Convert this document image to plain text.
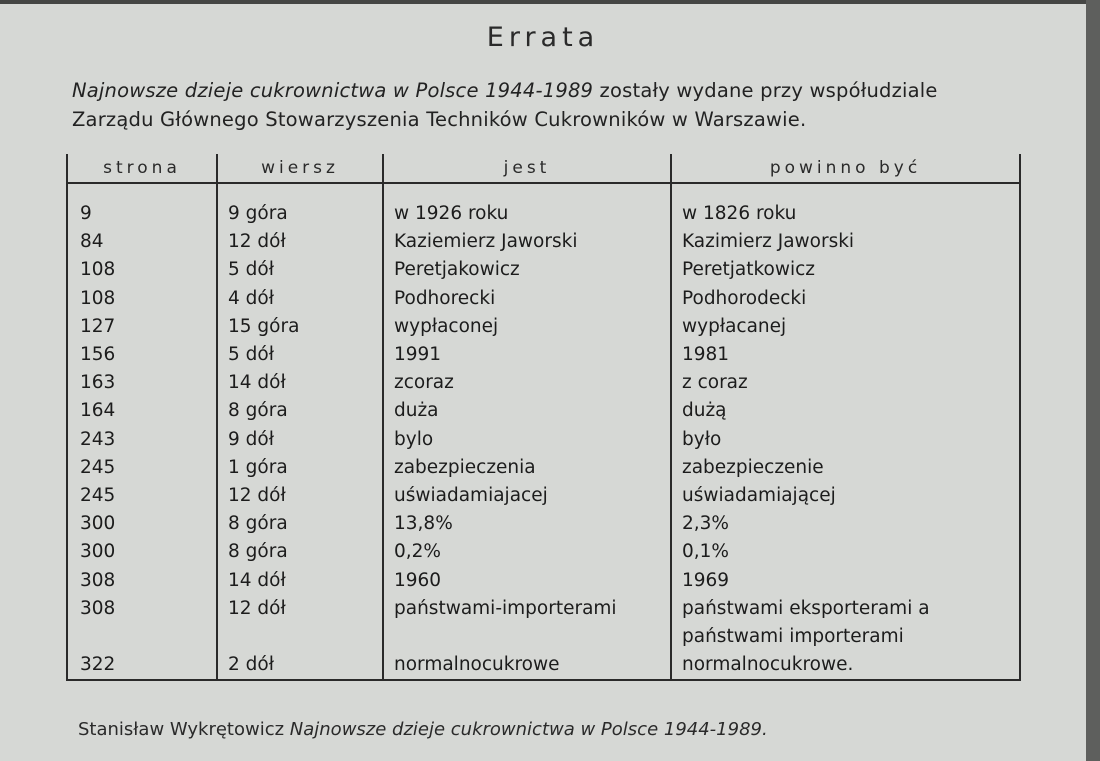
Errata
Najnowsze dzieje cukrownictwa w Polsce 1944-1989 zostały wydane przy współudziale Zarządu Głównego Stowarzyszenia Techników Cukrowników w Warszawie.
strona	wiersz	jest	powinno być

9	9 góra	w 1926 roku	w 1826 roku
84	12 dół	Kaziemierz Jaworski	Kazimierz Jaworski
108	5 dół	Peretjakowicz	Peretjatkowicz
108	4 dół	Podhorecki	Podhorodecki
127	15 góra	wypłaconej	wypłacanej
156	5 dół	1991	1981
163	14 dół	zcoraz	z coraz
164	8 góra	duża	dużą
243	9 dół	bylo	było
245	1 góra	zabezpieczenia	zabezpieczenie
245	12 dół	uświadamiajacej	uświadamiającej
300	8 góra	13,8%	2,3%
300	8 góra	0,2%	0,1%
308	14 dół	1960	1969
308	12 dół	państwami-importerami	państwami eksporterami a państwami importerami
322	2 dół	normalnocukrowe	normalnocukrowe.
Stanisław Wykrętowicz Najnowsze dzieje cukrownictwa w Polsce 1944-1989.
